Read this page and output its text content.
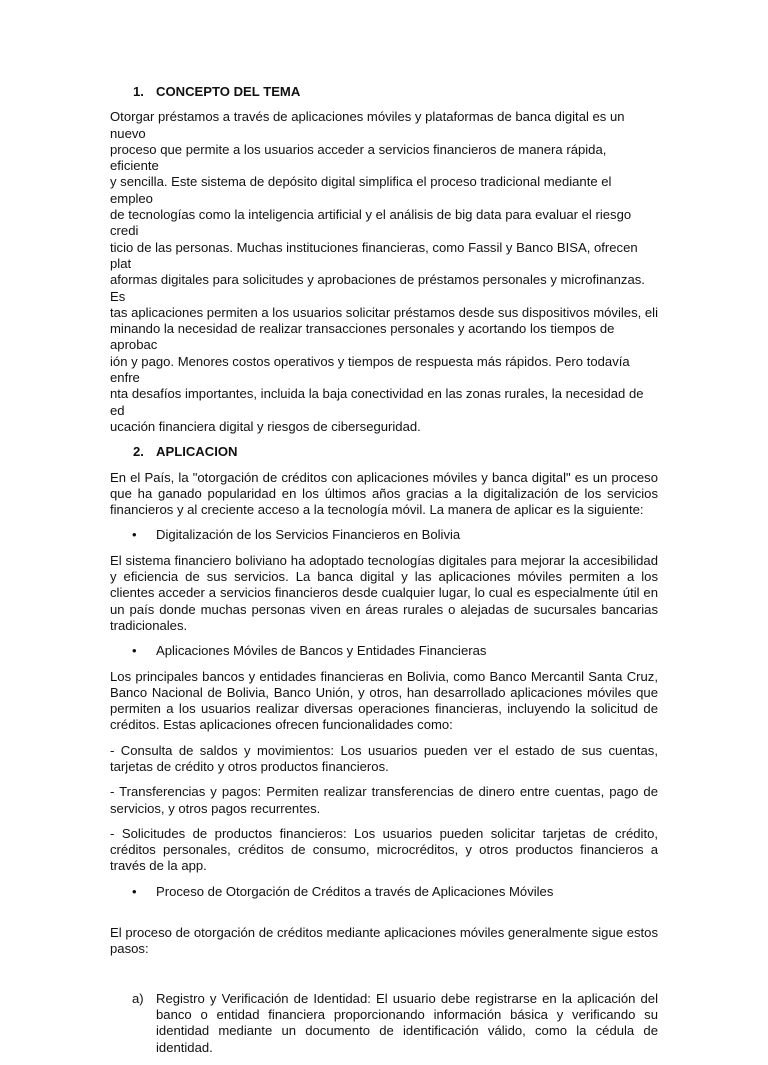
1. CONCEPTO DEL TEMA
Otorgar préstamos a través de aplicaciones móviles y plataformas de banca digital es un nuevo
proceso que permite a los usuarios acceder a servicios financieros de manera rápida, eficiente
y sencilla. Este sistema de depósito digital simplifica el proceso tradicional mediante el empleo
de tecnologías como la inteligencia artificial y el análisis de big data para evaluar el riesgo credi
ticio de las personas. Muchas instituciones financieras, como Fassil y Banco BISA, ofrecen plat
aformas digitales para solicitudes y aprobaciones de préstamos personales y microfinanzas. Es
tas aplicaciones permiten a los usuarios solicitar préstamos desde sus dispositivos móviles, eli
minando la necesidad de realizar transacciones personales y acortando los tiempos de aprobac
ión y pago. Menores costos operativos y tiempos de respuesta más rápidos. Pero todavía enfre
nta desafíos importantes, incluida la baja conectividad en las zonas rurales, la necesidad de ed
ucación financiera digital y riesgos de ciberseguridad.
2. APLICACION
En el País, la "otorgación de créditos con aplicaciones móviles y banca digital" es un proceso que ha ganado popularidad en los últimos años gracias a la digitalización de los servicios financieros y al creciente acceso a la tecnología móvil. La manera de aplicar es la siguiente:
•
Digitalización de los Servicios Financieros en Bolivia
El sistema financiero boliviano ha adoptado tecnologías digitales para mejorar la accesibilidad y eficiencia de sus servicios. La banca digital y las aplicaciones móviles permiten a los clientes acceder a servicios financieros desde cualquier lugar, lo cual es especialmente útil en un país donde muchas personas viven en áreas rurales o alejadas de sucursales bancarias tradicionales.
•
Aplicaciones Móviles de Bancos y Entidades Financieras
Los principales bancos y entidades financieras en Bolivia, como Banco Mercantil Santa Cruz, Banco Nacional de Bolivia, Banco Unión, y otros, han desarrollado aplicaciones móviles que permiten a los usuarios realizar diversas operaciones financieras, incluyendo la solicitud de créditos. Estas aplicaciones ofrecen funcionalidades como:
- Consulta de saldos y movimientos: Los usuarios pueden ver el estado de sus cuentas, tarjetas de crédito y otros productos financieros.
- Transferencias y pagos: Permiten realizar transferencias de dinero entre cuentas, pago de servicios, y otros pagos recurrentes.
- Solicitudes de productos financieros: Los usuarios pueden solicitar tarjetas de crédito, créditos personales, créditos de consumo, microcréditos, y otros productos financieros a través de la app.
•
Proceso de Otorgación de Créditos a través de Aplicaciones Móviles
El proceso de otorgación de créditos mediante aplicaciones móviles generalmente sigue estos pasos:
a) Registro y Verificación de Identidad: El usuario debe registrarse en la aplicación del banco o entidad financiera proporcionando información básica y verificando su identidad mediante un documento de identificación válido, como la cédula de identidad.
